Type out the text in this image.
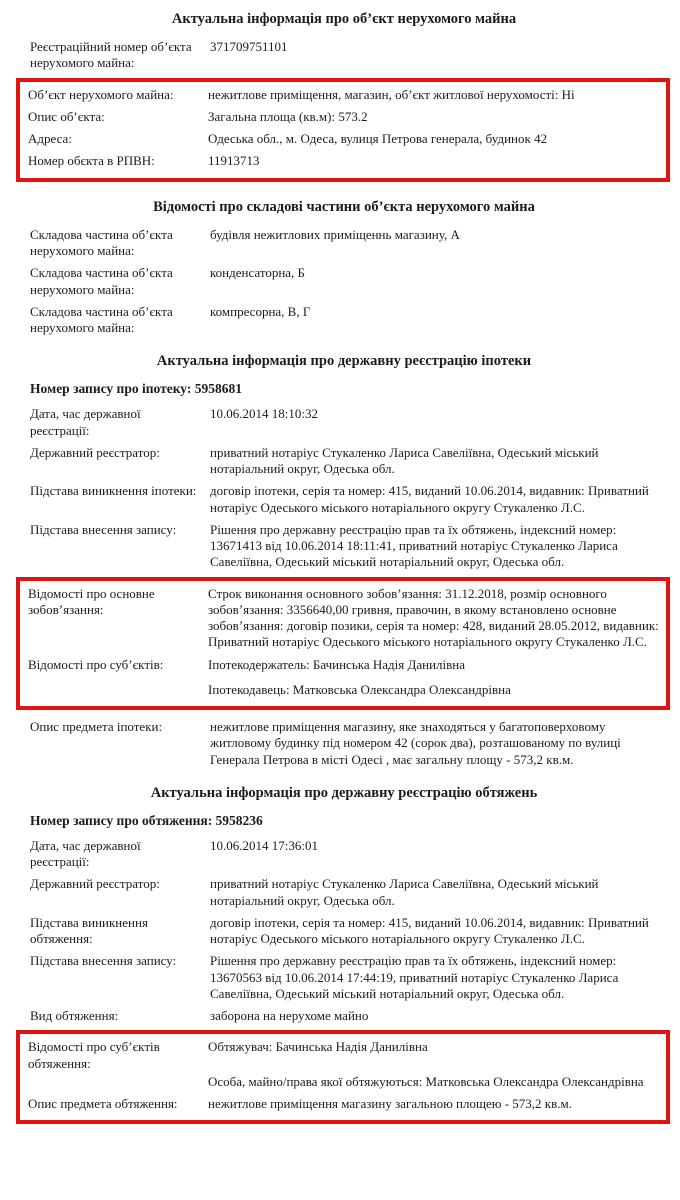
Актуальна інформація про об’єкт нерухомого майна
Реєстраційний номер об’єкта нерухомого майна:
371709751101
Об’єкт нерухомого майна:	нежитлове приміщення, магазин, об’єкт житлової нерухомості: Ні
Опис об’єкта:	Загальна площа (кв.м): 573.2
Адреса:	Одеська обл., м. Одеса, вулиця Петрова генерала, будинок 42
Номер обєкта в РПВН:	11913713
Відомості про складові частини об’єкта нерухомого майна
Складова частина об’єкта нерухомого майна:
будівля нежитлових приміщеннь магазину, А
Складова частина об’єкта нерухомого майна:
конденсаторна, Б
Складова частина об’єкта нерухомого майна:
компресорна, В, Г
Актуальна інформація про державну реєстрацію іпотеки
Номер запису про іпотеку: 5958681
Дата, час державної реєстрації:
10.06.2014 18:10:32
Державний реєстратор:	приватний нотаріус Стукаленко Лариса Савеліївна, Одеський міський нотаріальний округ, Одеська обл.
Підстава виникнення іпотеки:	договір іпотеки, серія та номер: 415, виданий 10.06.2014, видавник: Приватний нотаріус Одеського міського нотаріального округу Стукаленко Л.С.
Підстава внесення запису:	Рішення про державну реєстрацію прав та їх обтяжень, індексний номер: 13671413 від 10.06.2014 18:11:41, приватний нотаріус Стукаленко Лариса Савеліївна, Одеський міський нотаріальний округ, Одеська обл.
Відомості про основне зобов’язання:
Строк виконання основного зобов’язання: 31.12.2018, розмір основного зобов’язання: 3356640,00 гривня, правочин, в якому встановлено основне зобов’язання: договір позики, серія та номер: 428, виданий 28.05.2012, видавник: Приватний нотаріус Одеського міського нотаріального округу Стукаленко Л.С.
Відомості про суб’єктів:	Іпотекодержатель: Бачинська Надія Данилівна
Іпотекодавець: Матковська Олександра Олександрівна
Опис предмета іпотеки:	нежитлове приміщення магазину, яке знаходяться у багатоповерховому житловому будинку під номером 42 (сорок два), розташованому по вулиці Генерала Петрова в місті Одесі , має загальну площу - 573,2 кв.м.
Актуальна інформація про державну реєстрацію обтяжень
Номер запису про обтяження: 5958236
Дата, час державної реєстрації:
10.06.2014 17:36:01
Державний реєстратор:	приватний нотаріус Стукаленко Лариса Савеліївна, Одеський міський нотаріальний округ, Одеська обл.
Підстава виникнення обтяження:
договір іпотеки, серія та номер: 415, виданий 10.06.2014, видавник: Приватний нотаріус Одеського міського нотаріального округу Стукаленко Л.С.
Підстава внесення запису:	Рішення про державну реєстрацію прав та їх обтяжень, індексний номер: 13670563 від 10.06.2014 17:44:19, приватний нотаріус Стукаленко Лариса Савеліївна, Одеський міський нотаріальний округ, Одеська обл.
Вид обтяження:	заборона на нерухоме майно
Відомості про суб’єктів обтяження:
Обтяжувач: Бачинська Надія Данилівна
Особа, майно/права якої обтяжуються: Матковська Олександра Олександрівна
Опис предмета обтяження:	нежитлове приміщення магазину загальною площею - 573,2 кв.м.
